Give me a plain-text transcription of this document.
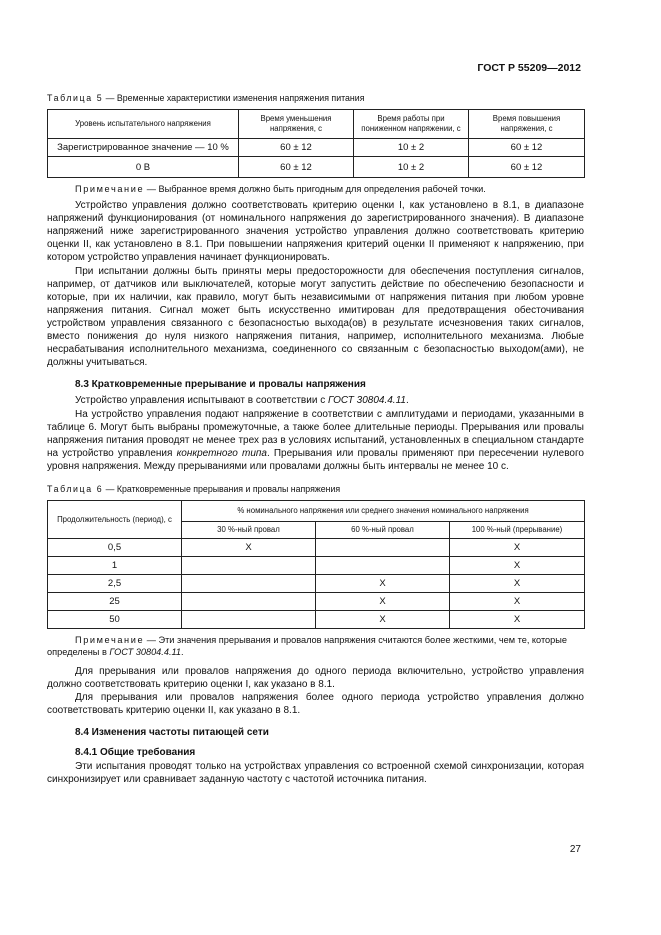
ГОСТ Р 55209—2012
Таблица 5 — Временные характеристики изменения напряжения питания
Уровень испытательного напряжения	Время уменьшения напряжения, с	Время работы при пониженном напряжении, с	Время повышения напряжения, с
Зарегистрированное значение — 10 %	60 ± 12	10 ± 2	60 ± 12
0 В	60 ± 12	10 ± 2	60 ± 12
Примечание — Выбранное время должно быть пригодным для определения рабочей точки.

Устройство управления должно соответствовать критерию оценки I, как установлено в 8.1, в диапазоне напряжений функционирования (от номинального напряжения до зарегистрированного значения). В диапазоне напряжений ниже зарегистрированного значения устройство управления должно соответствовать критерию оценки II, как установлено в 8.1. При повышении напряжения критерий оценки II применяют к напряжению, при котором устройство управления начинает функционировать.

При испытании должны быть приняты меры предосторожности для обеспечения поступления сигналов, например, от датчиков или выключателей, которые могут запустить действие по обеспечению безопасности и которые, при их наличии, как правило, могут быть независимыми от напряжения питания при любом уровне напряжения питания. Сигнал может быть искусственно имитирован для предотвращения обесточивания устройством управления связанного с безопасностью выхода(ов) в результате исчезновения таких сигналов, вместо понижения до нуля низкого напряжения питания, например, исполнительного механизма. Любые несрабатывания исполнительного механизма, соединенного со связанным с безопасностью выходом(ами), не должны учитываться.

8.3 Кратковременные прерывание и провалы напряжения

Устройство управления испытывают в соответствии с ГОСТ 30804.4.11.

На устройство управления подают напряжение в соответствии с амплитудами и периодами, указанными в таблице 6. Могут быть выбраны промежуточные, а также более длительные периоды. Прерывания или провалы напряжения питания проводят не менее трех раз в условиях испытаний, установленных в специальном стандарте на устройство управления конкретного типа. Прерывания или провалы применяют при пересечении нулевого уровня напряжения. Между прерываниями или провалами должны быть интервалы не менее 10 с.

Таблица 6 — Кратковременные прерывания и провалы напряжения
Продолжительность (период), с	% номинального напряжения или среднего значения номинального напряжения		
	30 %-ный провал	60 %-ный провал	100 %-ный (прерывание)
0,5	X		X
1			X
2,5		X	X
25		X	X
50		X	X
Примечание — Эти значения прерывания и провалов напряжения считаются более жесткими, чем те, которые определены в ГОСТ 30804.4.11.

Для прерывания или провалов напряжения до одного периода включительно, устройство управления должно соответствовать критерию оценки I, как указано в 8.1.

Для прерывания или провалов напряжения более одного периода устройство управления должно соответствовать критерию оценки II, как указано в 8.1.

8.4 Изменения частоты питающей сети
8.4.1 Общие требования

Эти испытания проводят только на устройствах управления со встроенной схемой синхронизации, которая синхронизирует или сравнивает заданную частоту с частотой источника питания.

27
